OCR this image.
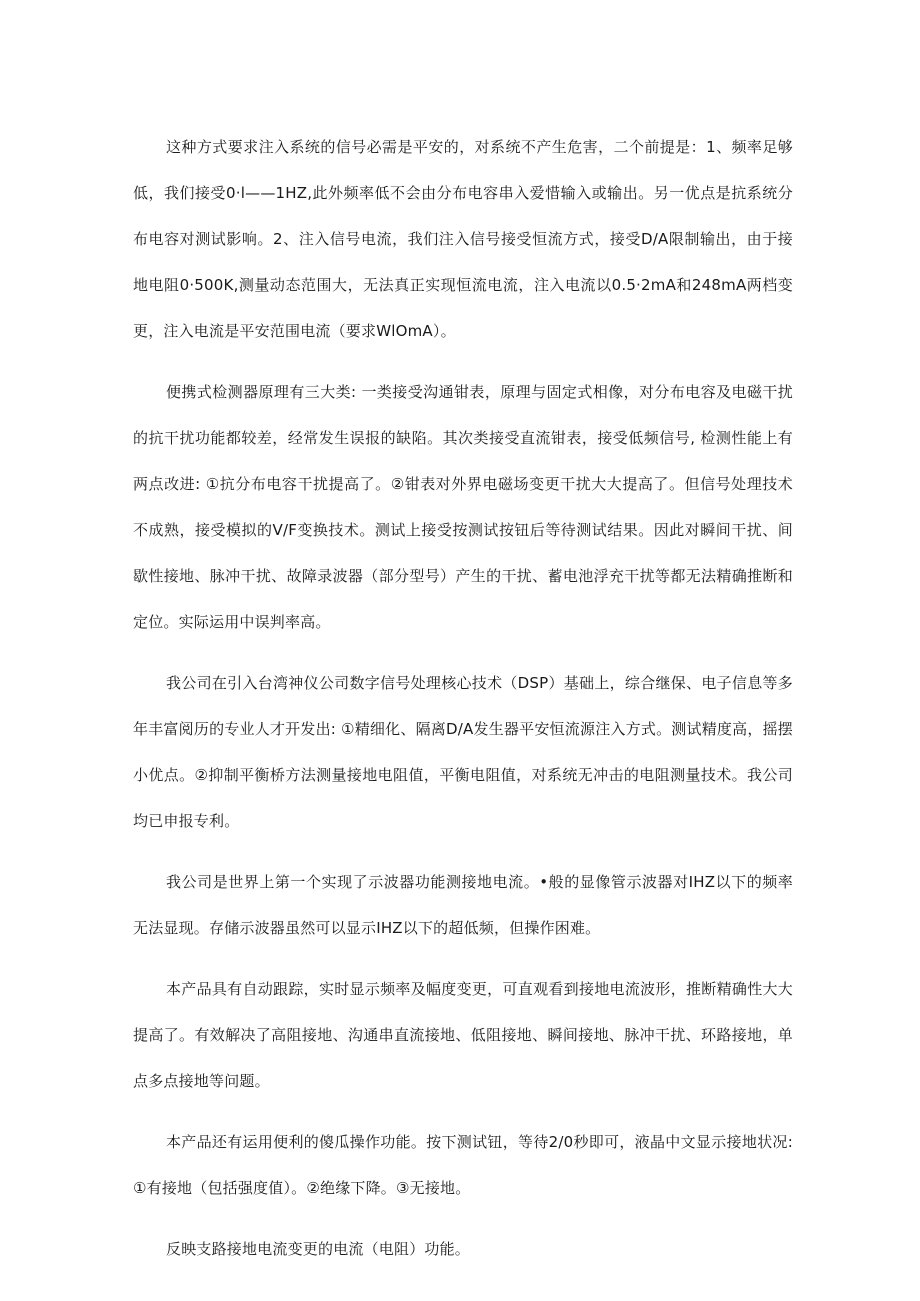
这种方式要求注入系统的信号必需是平安的，对系统不产生危害，二个前提是：1、频率足够低，我们接受0·l——1HZ,此外频率低不会由分布电容串入爱惜输入或输出。另一优点是抗系统分布电容对测试影响。2、注入信号电流，我们注入信号接受恒流方式，接受D/A限制输出，由于接地电阻0·500K,测量动态范围大，无法真正实现恒流电流，注入电流以0.5·2mA和248mA两档变更，注入电流是平安范围电流（要求WlOmA）。

便携式检测器原理有三大类: 一类接受沟通钳表，原理与固定式相像，对分布电容及电磁干扰的抗干扰功能都较差，经常发生误报的缺陷。其次类接受直流钳表，接受低频信号, 检测性能上有两点改进: ①抗分布电容干扰提高了。②钳表对外界电磁场变更干扰大大提高了。但信号处理技术不成熟，接受模拟的V/F变换技术。测试上接受按测试按钮后等待测试结果。因此对瞬间干扰、间歇性接地、脉冲干扰、故障录波器（部分型号）产生的干扰、蓄电池浮充干扰等都无法精确推断和定位。实际运用中误判率高。

我公司在引入台湾神仪公司数字信号处理核心技术（DSP）基础上，综合继保、电子信息等多年丰富阅历的专业人才开发出: ①精细化、隔离D/A发生器平安恒流源注入方式。测试精度高，摇摆小优点。②抑制平衡桥方法测量接地电阻值，平衡电阻值，对系统无冲击的电阻测量技术。我公司均已申报专利。

我公司是世界上第一个实现了示波器功能测接地电流。•般的显像管示波器对IHZ以下的频率无法显现。存储示波器虽然可以显示IHZ以下的超低频，但操作困难。

本产品具有自动跟踪，实时显示频率及幅度变更，可直观看到接地电流波形，推断精确性大大提高了。有效解决了高阻接地、沟通串直流接地、低阻接地、瞬间接地、脉冲干扰、环路接地，单点多点接地等问题。

本产品还有运用便利的傻瓜操作功能。按下测试钮，等待2/0秒即可，液晶中文显示接地状况: ①有接地（包括强度值）。②绝缘下降。③无接地。

反映支路接地电流变更的电流（电阻）功能。
